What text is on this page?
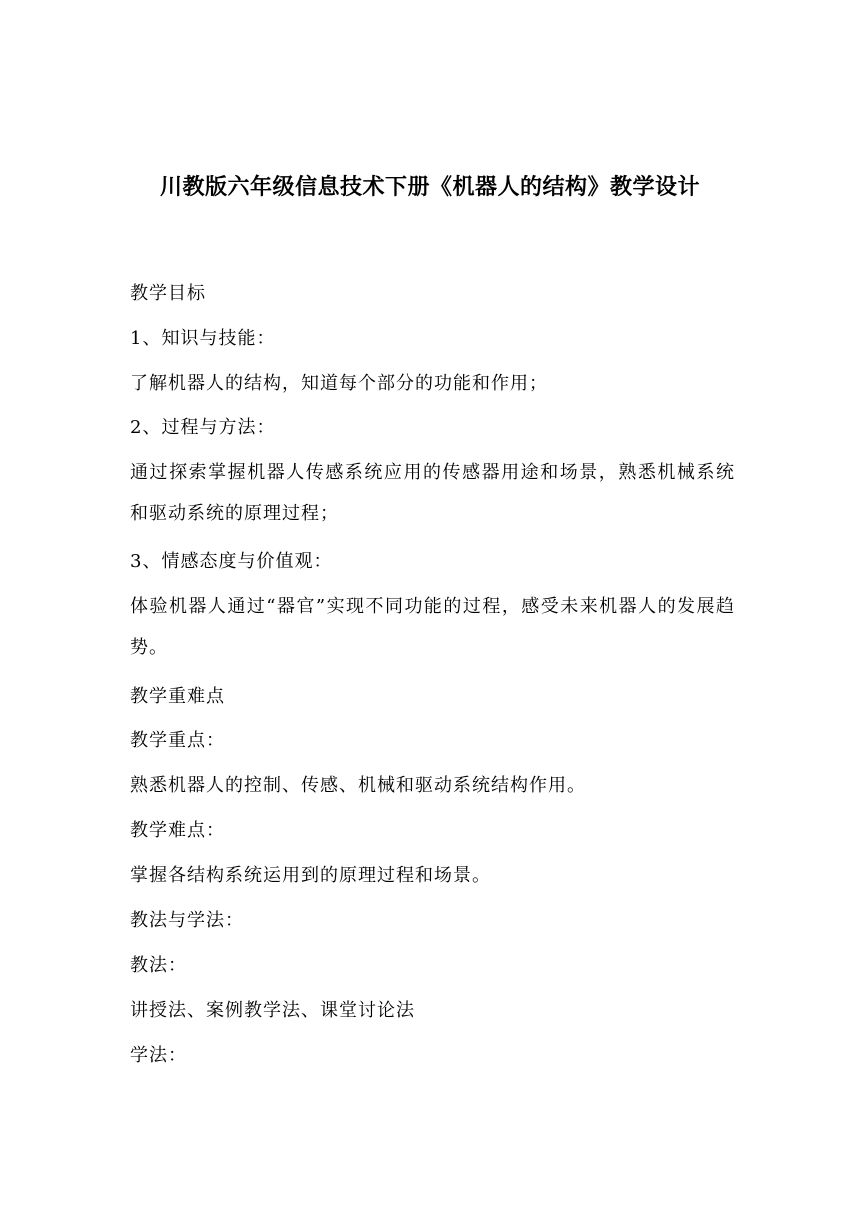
川教版六年级信息技术下册《机器人的结构》教学设计
教学目标
1、知识与技能：
了解机器人的结构，知道每个部分的功能和作用；
2、过程与方法：
通过探索掌握机器人传感系统应用的传感器用途和场景，熟悉机械系统和驱动系统的原理过程；
3、情感态度与价值观：
体验机器人通过“器官”实现不同功能的过程，感受未来机器人的发展趋势。
教学重难点
教学重点：
熟悉机器人的控制、传感、机械和驱动系统结构作用。
教学难点：
掌握各结构系统运用到的原理过程和场景。
教法与学法：
教法：
讲授法、案例教学法、课堂讨论法
学法：
